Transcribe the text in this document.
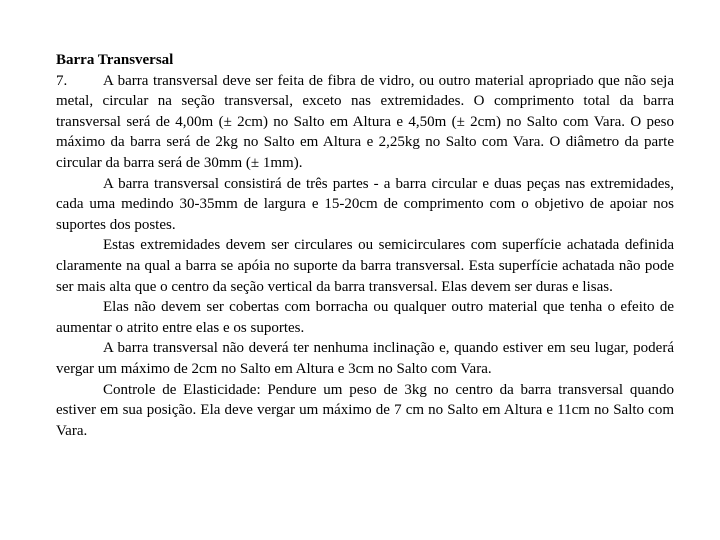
Barra Transversal

7. A barra transversal deve ser feita de fibra de vidro, ou outro material apropriado que não seja metal, circular na seção transversal, exceto nas extremidades. O comprimento total da barra transversal será de 4,00m (± 2cm) no Salto em Altura e 4,50m (± 2cm) no Salto com Vara. O peso máximo da barra será de 2kg no Salto em Altura e 2,25kg no Salto com Vara. O diâmetro da parte circular da barra será de 30mm (± 1mm).

A barra transversal consistirá de três partes - a barra circular e duas peças nas extremidades, cada uma medindo 30-35mm de largura e 15-20cm de comprimento com o objetivo de apoiar nos suportes dos postes.

Estas extremidades devem ser circulares ou semicirculares com superfície achatada definida claramente na qual a barra se apóia no suporte da barra transversal. Esta superfície achatada não pode ser mais alta que o centro da seção vertical da barra transversal. Elas devem ser duras e lisas.

Elas não devem ser cobertas com borracha ou qualquer outro material que tenha o efeito de aumentar o atrito entre elas e os suportes.

A barra transversal não deverá ter nenhuma inclinação e, quando estiver em seu lugar, poderá vergar um máximo de 2cm no Salto em Altura e 3cm no Salto com Vara.

Controle de Elasticidade: Pendure um peso de 3kg no centro da barra transversal quando estiver em sua posição. Ela deve vergar um máximo de 7 cm no Salto em Altura e 11cm no Salto com Vara.
